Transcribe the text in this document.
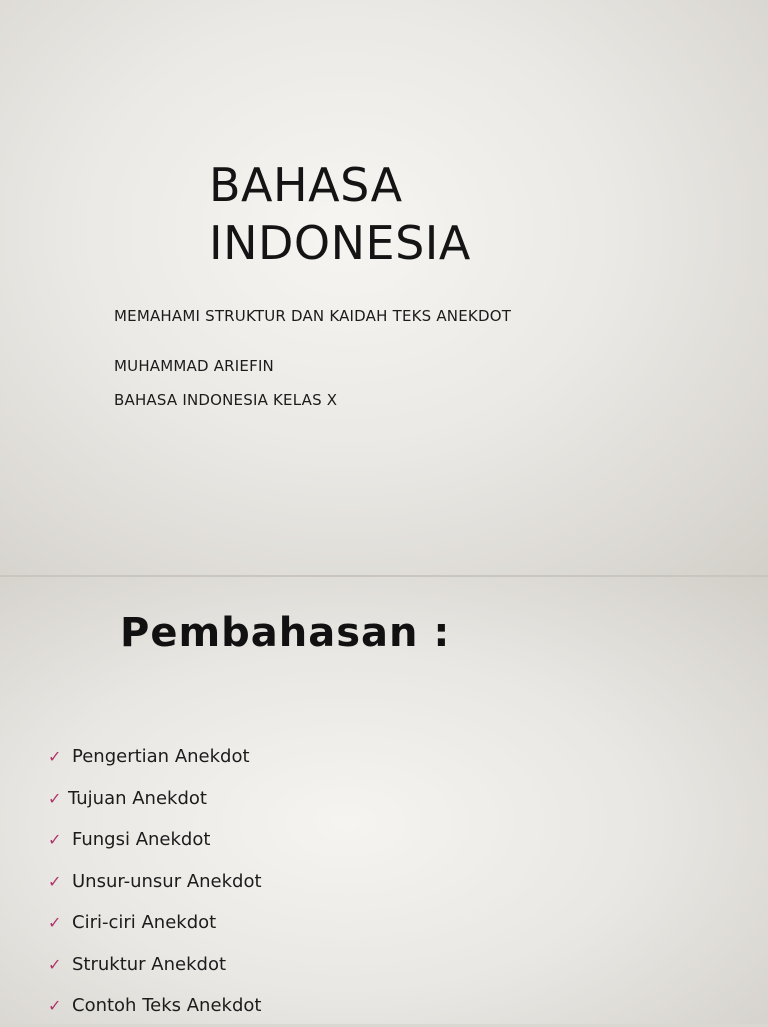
BAHASA
INDONESIA
MEMAHAMI STRUKTUR DAN KAIDAH TEKS ANEKDOT
MUHAMMAD ARIEFIN
BAHASA INDONESIA KELAS X
Pembahasan :
✓ Pengertian Anekdot
✓ Tujuan Anekdot
✓ Fungsi Anekdot
✓ Unsur-unsur Anekdot
✓ Ciri-ciri Anekdot
✓ Struktur Anekdot
✓ Contoh Teks Anekdot
